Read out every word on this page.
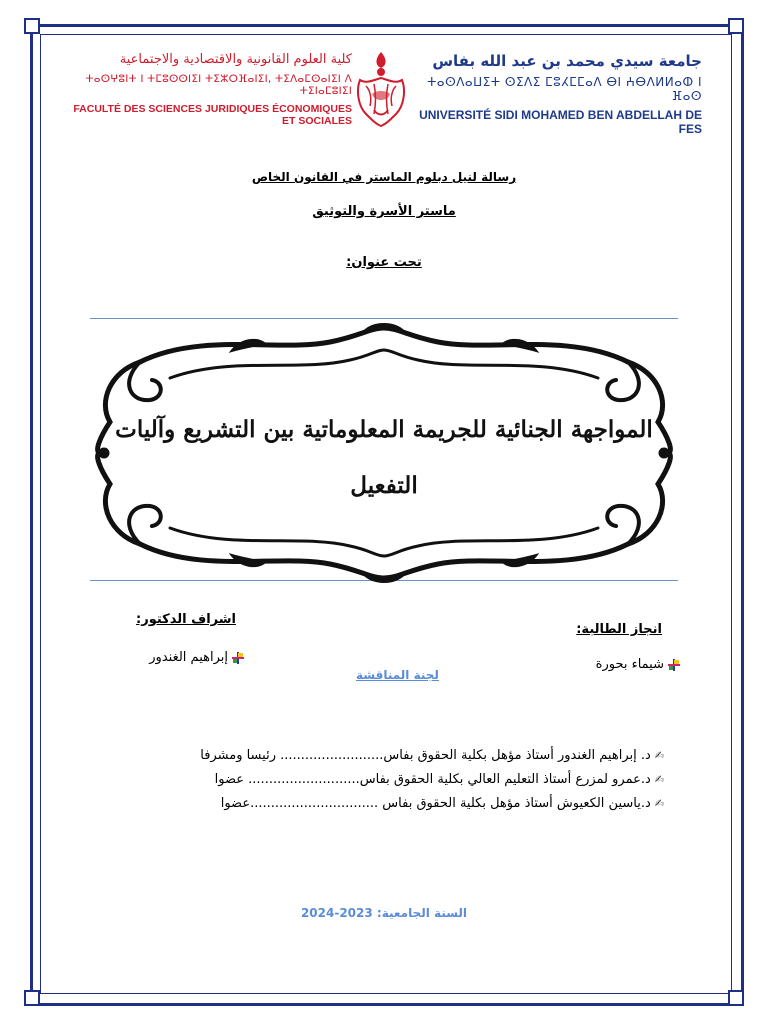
جامعة سيدي محمد بن عبد الله بفاس
ⵜⴰⵙⴷⴰⵡⵉⵜ ⵙⵉⴷⵉ ⵎⵓⵃⵎⵎⴰⴷ ⴱⵏ ⵄⴱⴷⵍⵍⴰⵀ ⵏ ⴼⴰⵙ
UNIVERSITÉ SIDI MOHAMED BEN ABDELLAH DE FES
كلية العلوم القانونية والاقتصادية والاجتماعية
ⵜⴰⵙⵖⵓⵏⵜ ⵏ ⵜⵎⵓⵙⵙⵏⵉⵏ ⵜⵉⵣⵔⴼⴰⵏⵉⵏ, ⵜⵉⴷⴰⵎⵙⴰⵏⵉⵏ ⴷ ⵜⵉⵏⴰⵎⵓⵏⵉⵏ
FACULTÉ DES SCIENCES JURIDIQUES ÉCONOMIQUES ET SOCIALES
رسالة لنيل دبلوم الماستر في القانون الخاص
ماستر الأسرة والتوثيق
تحت عنوان:
المواجهة الجنائية للجريمة المعلوماتية بين التشريع وآليات
التفعيل
انجاز الطالبة:
شيماء بحورة
اشراف الدكتور:
إبراهيم الغندور
لجنة المناقشة
✍د. إبراهيم الغندور أستاذ مؤهل بكلية الحقوق بفاس......................... رئيسا ومشرفا
✍د.عمرو لمزرع أستاذ التعليم العالي بكلية الحقوق بفاس........................... عضوا
✍د.ياسين الكعيوش أستاذ مؤهل بكلية الحقوق بفاس ...............................عضوا
السنة الجامعية: 2023-2024
